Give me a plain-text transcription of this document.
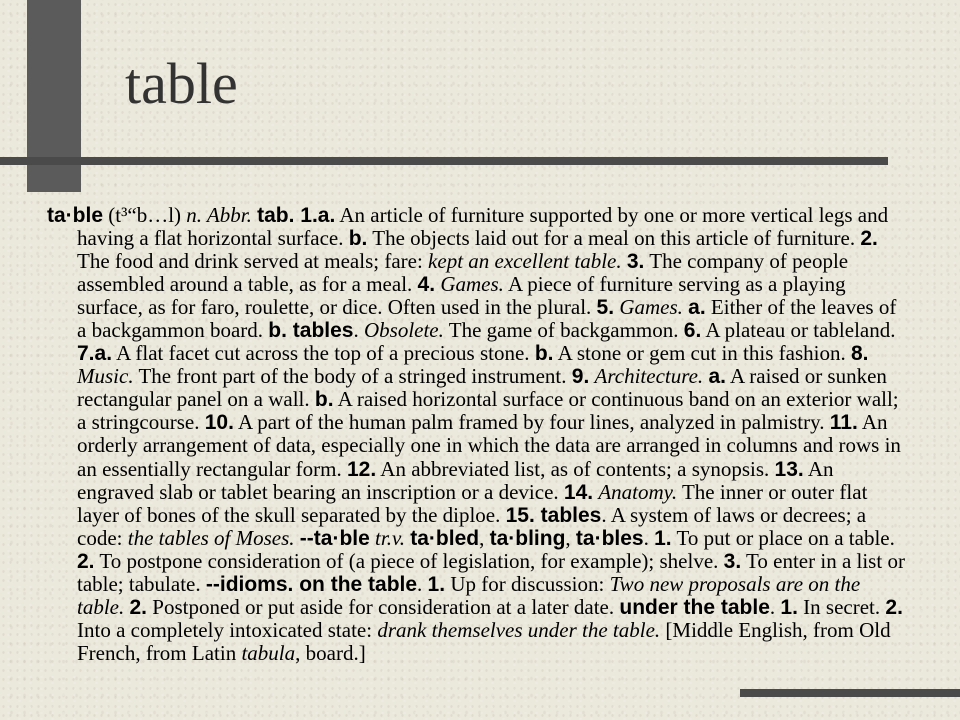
table
ta·ble (t³“b…l) n. Abbr. tab. 1.a. An article of furniture supported by one or more vertical legs and
having a flat horizontal surface. b. The objects laid out for a meal on this article of furniture. 2.
The food and drink served at meals; fare: kept an excellent table. 3. The company of people
assembled around a table, as for a meal. 4. Games. A piece of furniture serving as a playing
surface, as for faro, roulette, or dice. Often used in the plural. 5. Games. a. Either of the leaves of
a backgammon board. b. tables. Obsolete. The game of backgammon. 6. A plateau or tableland.
7.a. A flat facet cut across the top of a precious stone. b. A stone or gem cut in this fashion. 8.
Music. The front part of the body of a stringed instrument. 9. Architecture. a. A raised or sunken
rectangular panel on a wall. b. A raised horizontal surface or continuous band on an exterior wall;
a stringcourse. 10. A part of the human palm framed by four lines, analyzed in palmistry. 11. An
orderly arrangement of data, especially one in which the data are arranged in columns and rows in
an essentially rectangular form. 12. An abbreviated list, as of contents; a synopsis. 13. An
engraved slab or tablet bearing an inscription or a device. 14. Anatomy. The inner or outer flat
layer of bones of the skull separated by the diploe. 15. tables. A system of laws or decrees; a
code: the tables of Moses. --ta·ble tr.v. ta·bled, ta·bling, ta·bles. 1. To put or place on a table.
2. To postpone consideration of (a piece of legislation, for example); shelve. 3. To enter in a list or
table; tabulate. --idioms. on the table. 1. Up for discussion: Two new proposals are on the
table. 2. Postponed or put aside for consideration at a later date. under the table. 1. In secret. 2.
Into a completely intoxicated state: drank themselves under the table. [Middle English, from Old
French, from Latin tabula, board.]
